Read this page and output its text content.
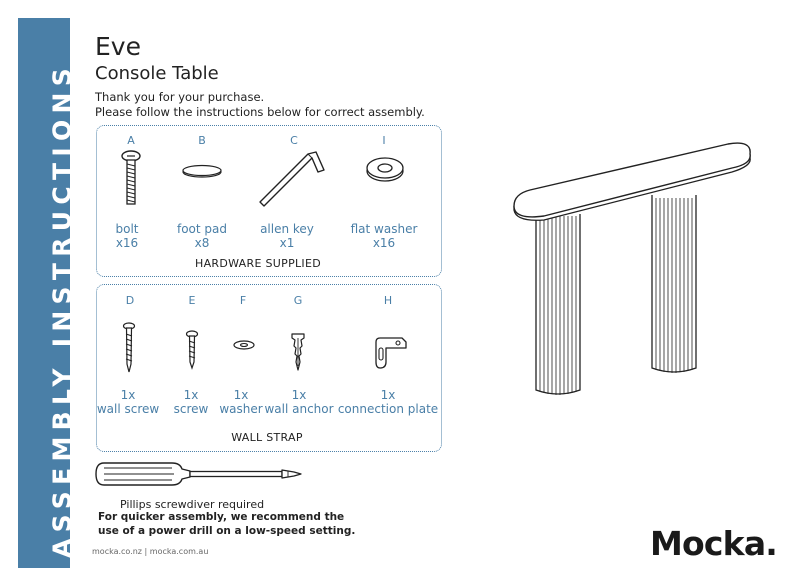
ASSEMBLY INSTRUCTIONS
Eve
Console Table
Thank you for your purchase.
Please follow the instructions below for correct assembly.
A	B	C	I
bolt
x16
foot pad
x8
allen key
x1
flat washer
x16
HARDWARE SUPPLIED
D	E	F	G	H
1x
wall screw
1x
screw
1x
washer
1x
wall anchor
1x
connection plate
WALL STRAP
Pillips screwdiver required
For quicker assembly, we recommend the
use of a power drill on a low-speed setting.
mocka.co.nz | mocka.com.au	Mocka.
